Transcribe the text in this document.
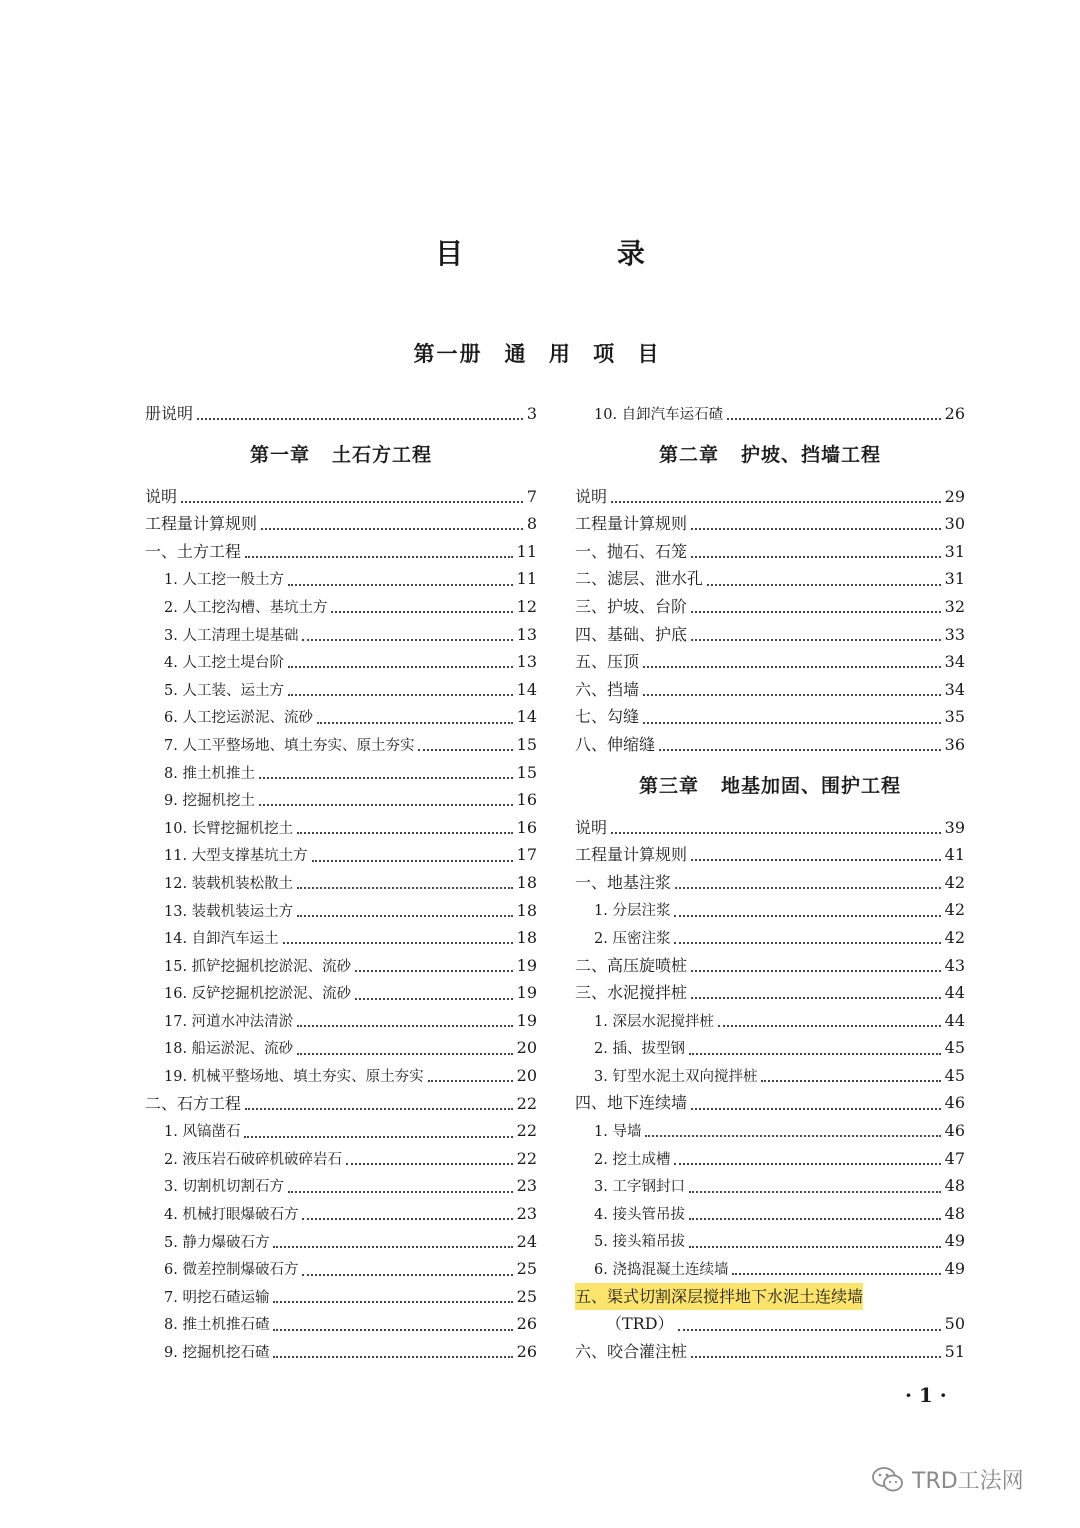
目 录
第一册 通 用 项 目
册说明	3
第一章 土石方工程
说明	7
工程量计算规则	8
一、土方工程	11
1. 人工挖一般土方	11
2. 人工挖沟槽、基坑土方	12
3. 人工清理土堤基础	13
4. 人工挖土堤台阶	13
5. 人工装、运土方	14
6. 人工挖运淤泥、流砂	14
7. 人工平整场地、填土夯实、原土夯实	15
8. 推土机推土	15
9. 挖掘机挖土	16
10. 长臂挖掘机挖土	16
11. 大型支撑基坑土方	17
12. 装载机装松散土	18
13. 装载机装运土方	18
14. 自卸汽车运土	18
15. 抓铲挖掘机挖淤泥、流砂	19
16. 反铲挖掘机挖淤泥、流砂	19
17. 河道水冲法清淤	19
18. 船运淤泥、流砂	20
19. 机械平整场地、填土夯实、原土夯实	20
二、石方工程	22
1. 风镐凿石	22
2. 液压岩石破碎机破碎岩石	22
3. 切割机切割石方	23
4. 机械打眼爆破石方	23
5. 静力爆破石方	24
6. 微差控制爆破石方	25
7. 明挖石碴运输	25
8. 推土机推石碴	26
9. 挖掘机挖石碴	26
10. 自卸汽车运石碴	26
第二章 护坡、挡墙工程
说明	29
工程量计算规则	30
一、抛石、石笼	31
二、滤层、泄水孔	31
三、护坡、台阶	32
四、基础、护底	33
五、压顶	34
六、挡墙	34
七、勾缝	35
八、伸缩缝	36
第三章 地基加固、围护工程
说明	39
工程量计算规则	41
一、地基注浆	42
1. 分层注浆	42
2. 压密注浆	42
二、高压旋喷桩	43
三、水泥搅拌桩	44
1. 深层水泥搅拌桩	44
2. 插、拔型钢	45
3. 钉型水泥土双向搅拌桩	45
四、地下连续墙	46
1. 导墙	46
2. 挖土成槽	47
3. 工字钢封口	48
4. 接头管吊拔	48
5. 接头箱吊拔	49
6. 浇捣混凝土连续墙	49
五、渠式切割深层搅拌地下水泥土连续墙
（TRD）	50
六、咬合灌注桩	51
· 1 ·
TRD工法网
